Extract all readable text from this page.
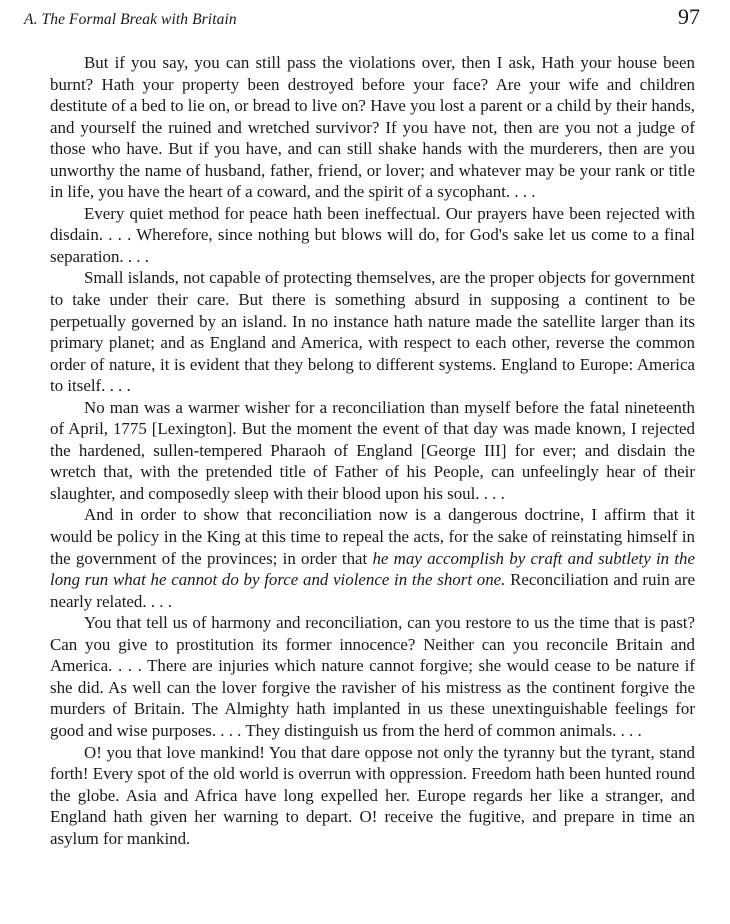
A. The Formal Break with Britain	97

But if you say, you can still pass the violations over, then I ask, Hath your house been burnt? Hath your property been destroyed before your face? Are your wife and children destitute of a bed to lie on, or bread to live on? Have you lost a parent or a child by their hands, and yourself the ruined and wretched survivor? If you have not, then are you not a judge of those who have. But if you have, and can still shake hands with the murderers, then are you unworthy the name of husband, father, friend, or lover; and whatever may be your rank or title in life, you have the heart of a coward, and the spirit of a sycophant. . . .

Every quiet method for peace hath been ineffectual. Our prayers have been rejected with disdain. . . . Wherefore, since nothing but blows will do, for God's sake let us come to a final separation. . . .

Small islands, not capable of protecting themselves, are the proper objects for government to take under their care. But there is something absurd in supposing a continent to be perpetually governed by an island. In no instance hath nature made the satellite larger than its primary planet; and as England and America, with respect to each other, reverse the common order of nature, it is evident that they belong to different systems. England to Europe: America to itself. . . .

No man was a warmer wisher for a reconciliation than myself before the fatal nineteenth of April, 1775 [Lexington]. But the moment the event of that day was made known, I rejected the hardened, sullen-tempered Pharaoh of England [George III] for ever; and disdain the wretch that, with the pretended title of Father of his People, can unfeelingly hear of their slaughter, and composedly sleep with their blood upon his soul. . . .

And in order to show that reconciliation now is a dangerous doctrine, I affirm that it would be policy in the King at this time to repeal the acts, for the sake of reinstating himself in the government of the provinces; in order that he may accomplish by craft and subtlety in the long run what he cannot do by force and violence in the short one. Reconciliation and ruin are nearly related. . . .

You that tell us of harmony and reconciliation, can you restore to us the time that is past? Can you give to prostitution its former innocence? Neither can you reconcile Britain and America. . . . There are injuries which nature cannot forgive; she would cease to be nature if she did. As well can the lover forgive the ravisher of his mistress as the continent forgive the murders of Britain. The Almighty hath implanted in us these unextinguishable feelings for good and wise purposes. . . . They distinguish us from the herd of common animals. . . .

O! you that love mankind! You that dare oppose not only the tyranny but the tyrant, stand forth! Every spot of the old world is overrun with oppression. Freedom hath been hunted round the globe. Asia and Africa have long expelled her. Europe regards her like a stranger, and England hath given her warning to depart. O! receive the fugitive, and prepare in time an asylum for mankind.
